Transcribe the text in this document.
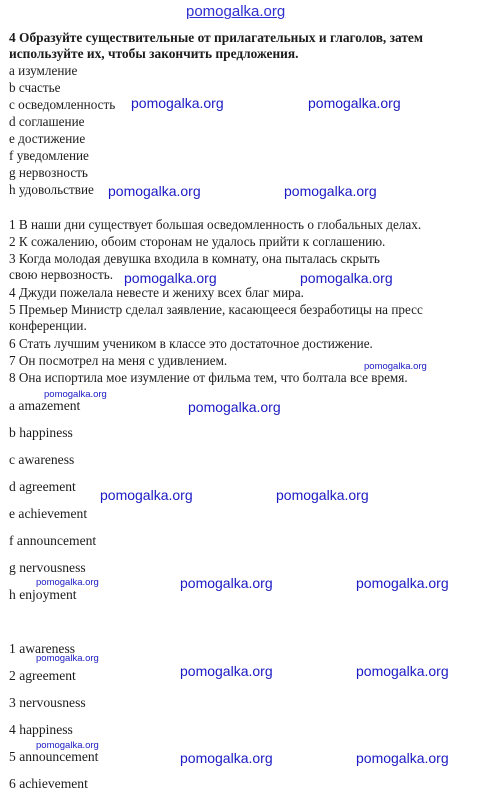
pomogalka.org
4 Образуйте существительные от прилагательных и глаголов, затем используйте их, чтобы закончить предложения.
a изумление
b счастье
c осведомленность
d соглашение
e достижение
f уведомление
g нервозность
h удовольствие
1 В наши дни существует большая осведомленность о глобальных делах.
2 К сожалению, обоим сторонам не удалось прийти к соглашению.
3 Когда молодая девушка входила в комнату, она пыталась скрыть
свою нервозность.
4 Джуди пожелала невесте и жениху всех благ мира.
5 Премьер Министр сделал заявление, касающееся безработицы на пресс
конференции.
6 Стать лучшим учеником в классе это достаточное достижение.
7 Он посмотрел на меня с удивлением.
8 Она испортила мое изумление от фильма тем, что болтала все время.
a amazement
b happiness
c awareness
d agreement
e achievement
f announcement
g nervousness
h enjoyment
1 awareness
2 agreement
3 nervousness
4 happiness
5 announcement
6 achievement
pomogalka.org	pomogalka.org
pomogalka.org	pomogalka.org
pomogalka.org	pomogalka.org
pomogalka.org
pomogalka.org
pomogalka.org
pomogalka.org	pomogalka.org
pomogalka.org	pomogalka.org	pomogalka.org
pomogalka.org
pomogalka.org	pomogalka.org
pomogalka.org
pomogalka.org	pomogalka.org
